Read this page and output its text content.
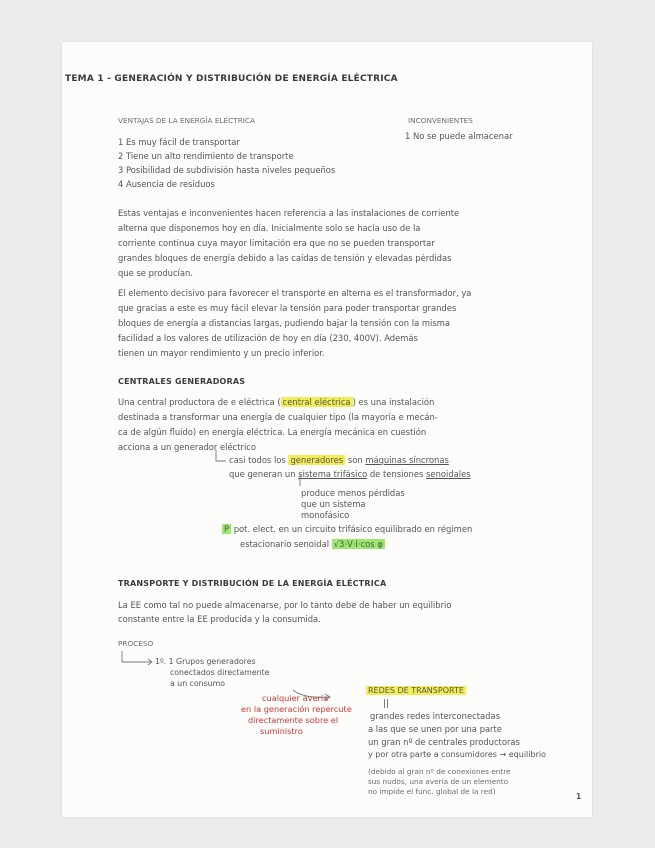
TEMA 1 - GENERACIÓN Y DISTRIBUCIÓN DE ENERGÍA ELÉCTRICA
VENTAJAS DE LA ENERGÍA ELÉCTRICA
1 Es muy fácil de transportar
2 Tiene un alto rendimiento de transporte
3 Posibilidad de subdivisión hasta niveles pequeños
4 Ausencia de residuos
INCONVENIENTES
1 No se puede almacenar
Estas ventajas e inconvenientes hacen referencia a las instalaciones de corriente
alterna que disponemos hoy en día. Inicialmente solo se hacía uso de la
corriente continua cuya mayor limitación era que no se pueden transportar
grandes bloques de energía debido a las caídas de tensión y elevadas pérdidas
que se producían.
El elemento decisivo para favorecer el transporte en alterna es el transformador, ya
que gracias a este es muy fácil elevar la tensión para poder transportar grandes
bloques de energía a distancias largas, pudiendo bajar la tensión con la misma
facilidad a los valores de utilización de hoy en día (230, 400V). Además
tienen un mayor rendimiento y un precio inferior.
CENTRALES GENERADORAS
Una central productora de e eléctrica ( central eléctrica ) es una instalación
destinada a transformar una energía de cualquier tipo (la mayoría e mecán-
ca de algún fluido) en energía eléctrica. La energía mecánica en cuestión
acciona a un generador eléctrico
casi todos los generadores son máquinas síncronas
que generan un sistema trifásico de tensiones senoidales
produce menos pérdidas
que un sistema
monofásico
P pot. elect. en un circuito trifásico equilibrado en régimen
estacionario senoidal √3·V·I·cos φ
TRANSPORTE Y DISTRIBUCIÓN DE LA ENERGÍA ELÉCTRICA
La EE como tal no puede almacenarse, por lo tanto debe de haber un equilibrio
constante entre la EE producida y la consumida.
PROCESO
1º. 1 Grupos generadores
conectados directamente
a un consumo
cualquier avería
en la generación repercute
directamente sobre el
suministro
REDES DE TRANSPORTE
||
grandes redes interconectadas
a las que se unen por una parte
un gran nº de centrales productoras
y por otra parte a consumidores → equilibrio
(debido al gran nº de conexiones entre
sus nudos, una avería de un elemento
no impide el func. global de la red)
1
